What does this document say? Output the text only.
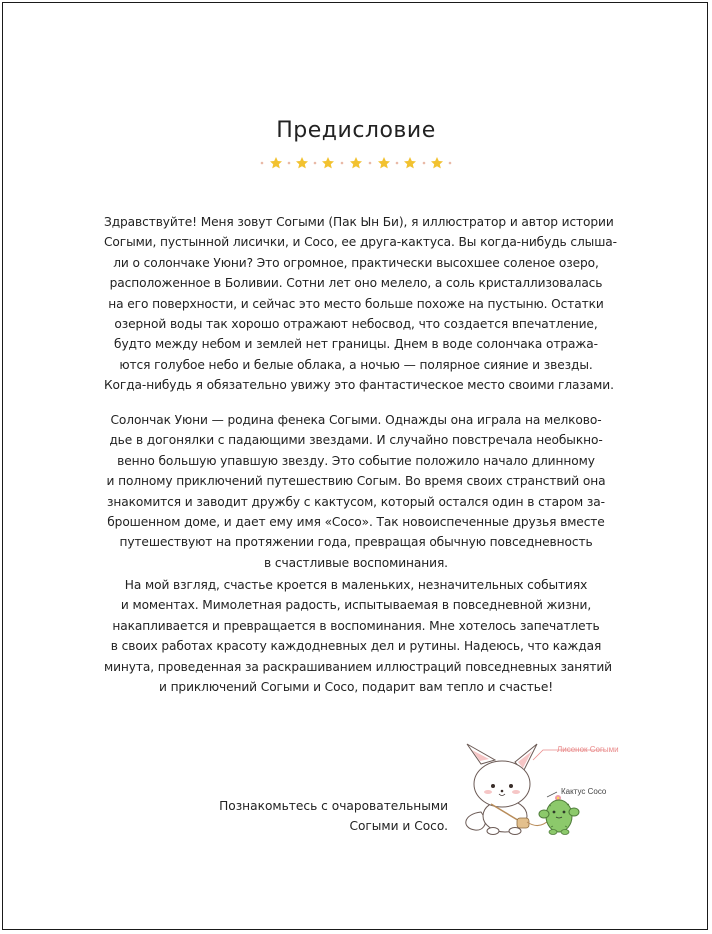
Предисловие
Здравствуйте! Меня зовут Согыми (Пак Ын Би), я иллюстратор и автор истории
Согыми, пустынной лисички, и Соco, ее друга-кактуса. Вы когда-нибудь слыша-
ли о солончаке Уюни? Это огромное, практически высохшее соленое озеро,
расположенное в Боливии. Сотни лет оно мелело, а соль кристаллизовалась
на его поверхности, и сейчас это место больше похоже на пустыню. Остатки
озерной воды так хорошо отражают небосвод, что создается впечатление,
будто между небом и землей нет границы. Днем в воде солончака отража-
ются голубое небо и белые облака, а ночью — полярное сияние и звезды.
Когда-нибудь я обязательно увижу это фантастическое место своими глазами.
Солончак Уюни — родина фенека Согыми. Однажды она играла на мелково-
дье в догонялки с падающими звездами. И случайно повстречала необыкно-
венно большую упавшую звезду. Это событие положило начало длинному
и полному приключений путешествию Согым. Во время своих странствий она
знакомится и заводит дружбу с кактусом, который остался один в старом за-
брошенном доме, и дает ему имя «Соco». Так новоиспеченные друзья вместе
путешествуют на протяжении года, превращая обычную повседневность
в счастливые воспоминания.
На мой взгляд, счастье кроется в маленьких, незначительных событиях
и моментах. Мимолетная радость, испытываемая в повседневной жизни,
накапливается и превращается в воспоминания. Мне хотелось запечатлеть
в своих работах красоту каждодневных дел и рутины. Надеюсь, что каждая
минута, проведенная за раскрашиванием иллюстраций повседневных занятий
и приключений Согыми и Соco, подарит вам тепло и счастье!
Познакомьтесь с очаровательными
Согыми и Соco.
Лисенок Согыми
Кактус Соco
